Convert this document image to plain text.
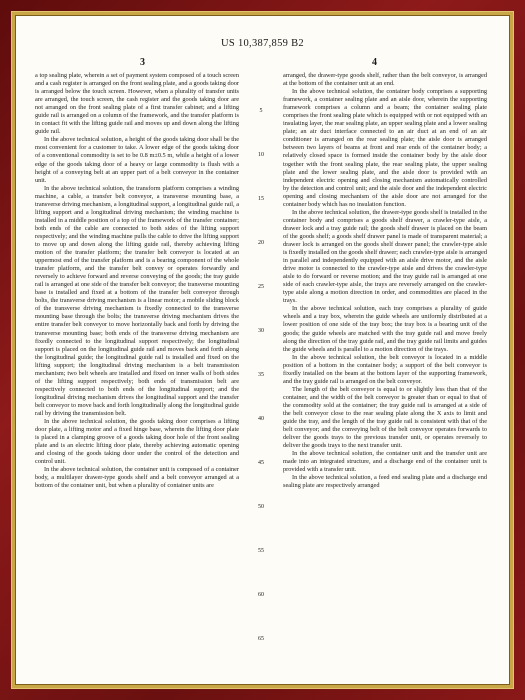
US 10,387,859 B2
3	4

a top sealing plate, wherein a set of payment system composed of a touch screen and a cash register is arranged on the front sealing plate, and a goods taking door is arranged below the touch screen. However, when a plurality of transfer units are arranged, the touch screen, the cash register and the goods taking door are not arranged on the front sealing plate of a first transfer cabinet; and a lifting guide rail is arranged on a column of the framework, and the transfer platform is in contact fit with the lifting guide rail and moves up and down along the lifting guide rail.

In the above technical solution, a height of the goods taking door shall be the most convenient for a customer to take. A lower edge of the goods taking door of a conventional commodity is set to be 0.8 m±0.5 m, while a height of a lower edge of the goods taking door of a heavy or large commodity is flush with a height of a conveying belt at an upper part of a belt conveyor in the container unit.

In the above technical solution, the transform platform comprises a winding machine, a cable, a transfer belt conveyor, a transverse mounting base, a transverse driving mechanism, a longitudinal support, a longitudinal guide rail, a lifting support and a longitudinal driving mechanism; the winding machine is installed in a middle position of a top of the framework of the transfer container; both ends of the cable are connected to both sides of the lifting support respectively; and the winding machine pulls the cable to drive the lifting support to move up and down along the lifting guide rail, thereby achieving lifting motion of the transfer platform; the transfer belt conveyor is located at an uppermost end of the transfer platform and is a bearing component of the whole transfer platform, and the transfer belt convey or operates forwardly and reversely to achieve forward and reverse conveying of the goods; the tray guide rail is arranged at one side of the transfer belt conveyor; the transverse mounting base is installed and fixed at a bottom of the transfer belt conveyor through bolts, the transverse driving mechanism is a linear motor; a mobile sliding block of the transverse driving mechanism is fixedly connected to the transverse mounting base through the bolts; the transverse driving mechanism drives the entire transfer belt conveyor to move horizontally back and forth by driving the transverse mounting base; both ends of the transverse driving mechanism are fixedly connected to the longitudinal support respectively; the longitudinal support is placed on the longitudinal guide rail and moves back and forth along the longitudinal guide; the longitudinal guide rail is installed and fixed on the lifting support; the longitudinal driving mechanism is a belt transmission mechanism; two belt wheels are installed and fixed on inner walls of both sides of the lifting support respectively; both ends of transmission belt are respectively connected to both ends of the longitudinal support; and the longitudinal driving mechanism drives the longitudinal support and the transfer belt conveyor to move back and forth longitudinally along the longitudinal guide rail by driving the transmission belt.

In the above technical solution, the goods taking door comprises a lifting door plate, a lifting motor and a fixed hinge base, wherein the lifting door plate is placed in a clamping groove of a goods taking door hole of the front sealing plate and is an electric lifting door plate, thereby achieving automatic opening and closing of the goods taking door under the control of the detection and control unit.

In the above technical solution, the container unit is composed of a container body, a multilayer drawer-type goods shelf and a belt conveyor arranged at a bottom of the container unit, but when a plurality of container units are

5
10
15
20
25
30
35
40
45
50
55
60
65

arranged, the drawer-type goods shelf, rather than the belt conveyor, is arranged at the bottom of the container unit at an end.

In the above technical solution, the container body comprises a supporting framework, a container sealing plate and an aisle door, wherein the supporting framework comprises a column and a beam; the container sealing plate comprises the front sealing plate which is equipped with or not equipped with an insulating layer, the rear sealing plate, an upper sealing plate and a lower sealing plate; an air duct interface connected to an air duct at an end of an air conditioner is arranged on the rear sealing plate; the aisle door is arranged between two layers of beams at front and rear ends of the container body; a relatively closed space is formed inside the container body by the aisle door together with the front sealing plate, the rear sealing plate, the upper sealing plate and the lower sealing plate, and the aisle door is provided with an independent electric opening and closing mechanism automatically controlled by the detection and control unit; and the aisle door and the independent electric opening and closing mechanism of the aisle door are not arranged for the container body which has no insulation function.

In the above technical solution, the drawer-type goods shelf is installed in the container body and comprises a goods shelf drawer, a crawler-type aisle, a drawer lock and a tray guide rail; the goods shelf drawer is placed on the beam of the goods shelf; a goods shelf drawer panel is made of transparent material; a drawer lock is arranged on the goods shelf drawer panel; the crawler-type aisle is fixedly installed on the goods shelf drawer; each crawler-type aisle is arranged in parallel and independently equipped with an aisle drive motor, and the aisle drive motor is connected to the crawler-type aisle and drives the crawler-type aisle to do forward or reverse motion; and the tray guide rail is arranged at one side of each crawler-type aisle, the trays are reversely arranged on the crawler-type aisle along a motion direction in order, and commodities are placed in the trays.

In the above technical solution, each tray comprises a plurality of guide wheels and a tray box, wherein the guide wheels are uniformly distributed at a lower position of one side of the tray box; the tray box is a bearing unit of the goods; the guide wheels are matched with the tray guide rail and move freely along the direction of the tray guide rail, and the tray guide rail limits and guides the guide wheels and is parallel to a motion direction of the trays.

In the above technical solution, the belt conveyor is located in a middle position of a bottom in the container body; a support of the belt conveyor is fixedly installed on the beam at the bottom layer of the supporting framework, and the tray guide rail is arranged on the belt conveyor.

The length of the belt conveyor is equal to or slightly less than that of the container, and the width of the belt conveyor is greater than or equal to that of the commodity sold at the container; the tray guide rail is arranged at a side of the belt conveyor close to the rear sealing plate along the X axis to limit and guide the tray, and the length of the tray guide rail is consistent with that of the belt conveyor; and the conveying belt of the belt conveyor operates forwards to deliver the goods trays to the previous transfer unit, or operates reversely to deliver the goods trays to the next transfer unit.

In the above technical solution, the container unit and the transfer unit are made into an integrated structure, and a discharge end of the container unit is provided with a transfer unit.

In the above technical solution, a feed end sealing plate and a discharge end sealing plate are respectively arranged
